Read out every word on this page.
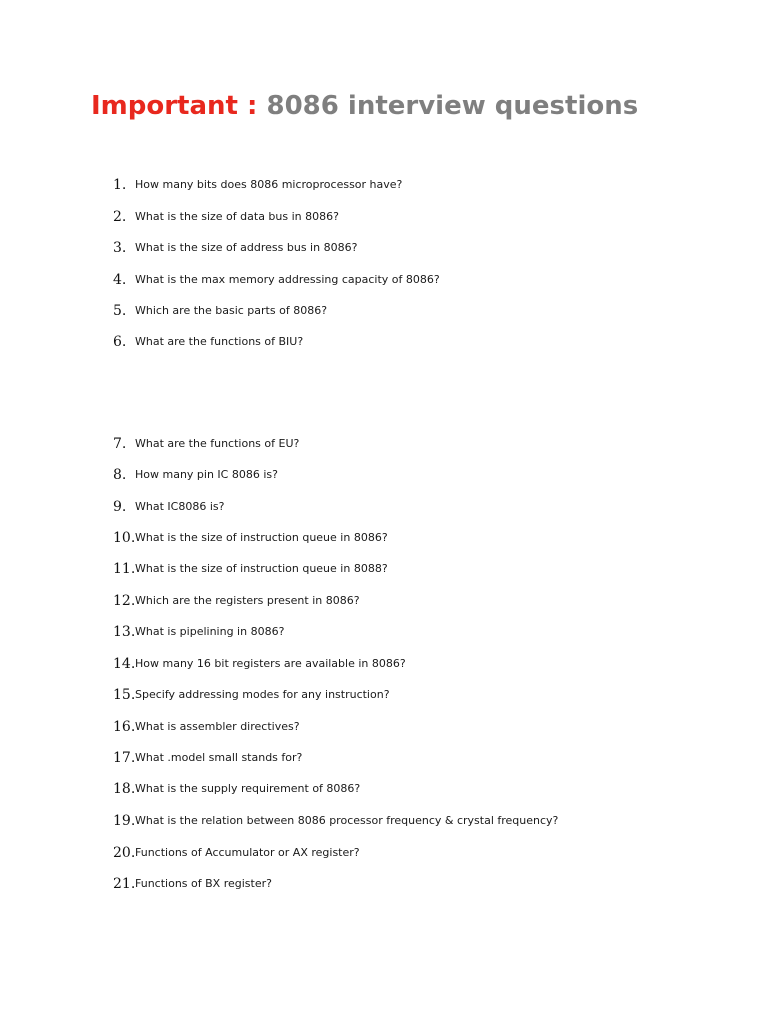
Important : 8086 interview questions
1. How many bits does 8086 microprocessor have?
2. What is the size of data bus in 8086?
3. What is the size of address bus in 8086?
4. What is the max memory addressing capacity of 8086?
5. Which are the basic parts of 8086?
6. What are the functions of BIU?
7. What are the functions of EU?
8. How many pin IC 8086 is?
9. What IC8086 is?
10. What is the size of instruction queue in 8086?
11. What is the size of instruction queue in 8088?
12. Which are the registers present in 8086?
13. What is pipelining in 8086?
14. How many 16 bit registers are available in 8086?
15. Specify addressing modes for any instruction?
16. What is assembler directives?
17. What .model small stands for?
18. What is the supply requirement of 8086?
19. What is the relation between 8086 processor frequency & crystal frequency?
20. Functions of Accumulator or AX register?
21. Functions of BX register?
